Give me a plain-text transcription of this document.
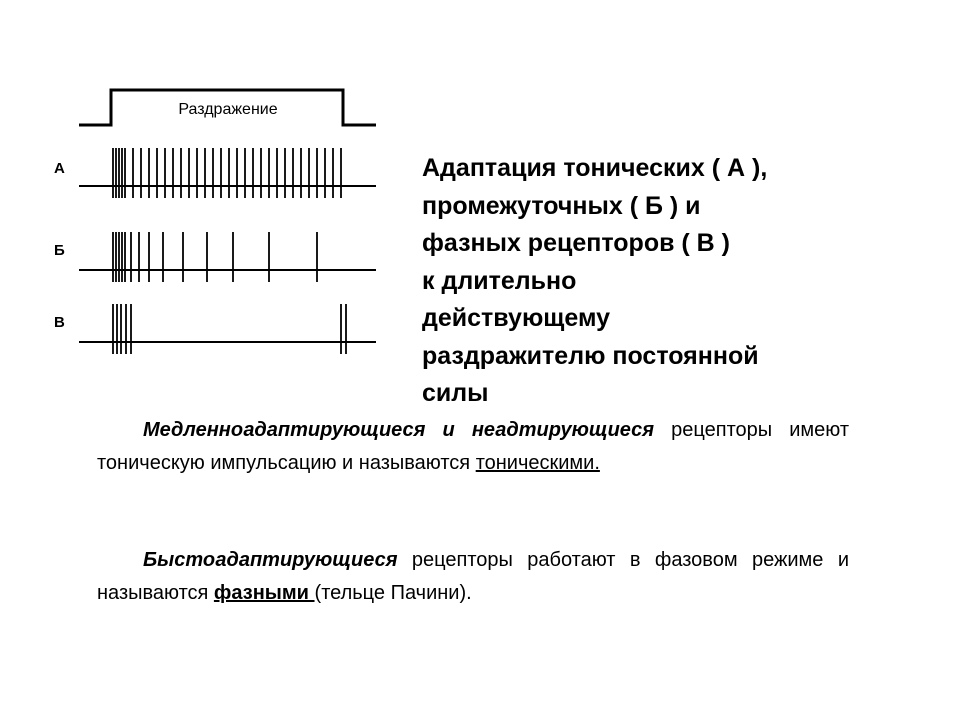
Раздражение
А
Б
В
Адаптация тонических ( А ),
промежуточных ( Б ) и
фазных рецепторов ( В )
к длительно
действующему
раздражителю постоянной
силы
Медленноадаптирующиеся и неадтирующиеся рецепторы имеют тоническую импульсацию и называются тоническими.
Быстоадаптирующиеся рецепторы работают в фазовом режиме и называются фазными (тельце Пачини).
